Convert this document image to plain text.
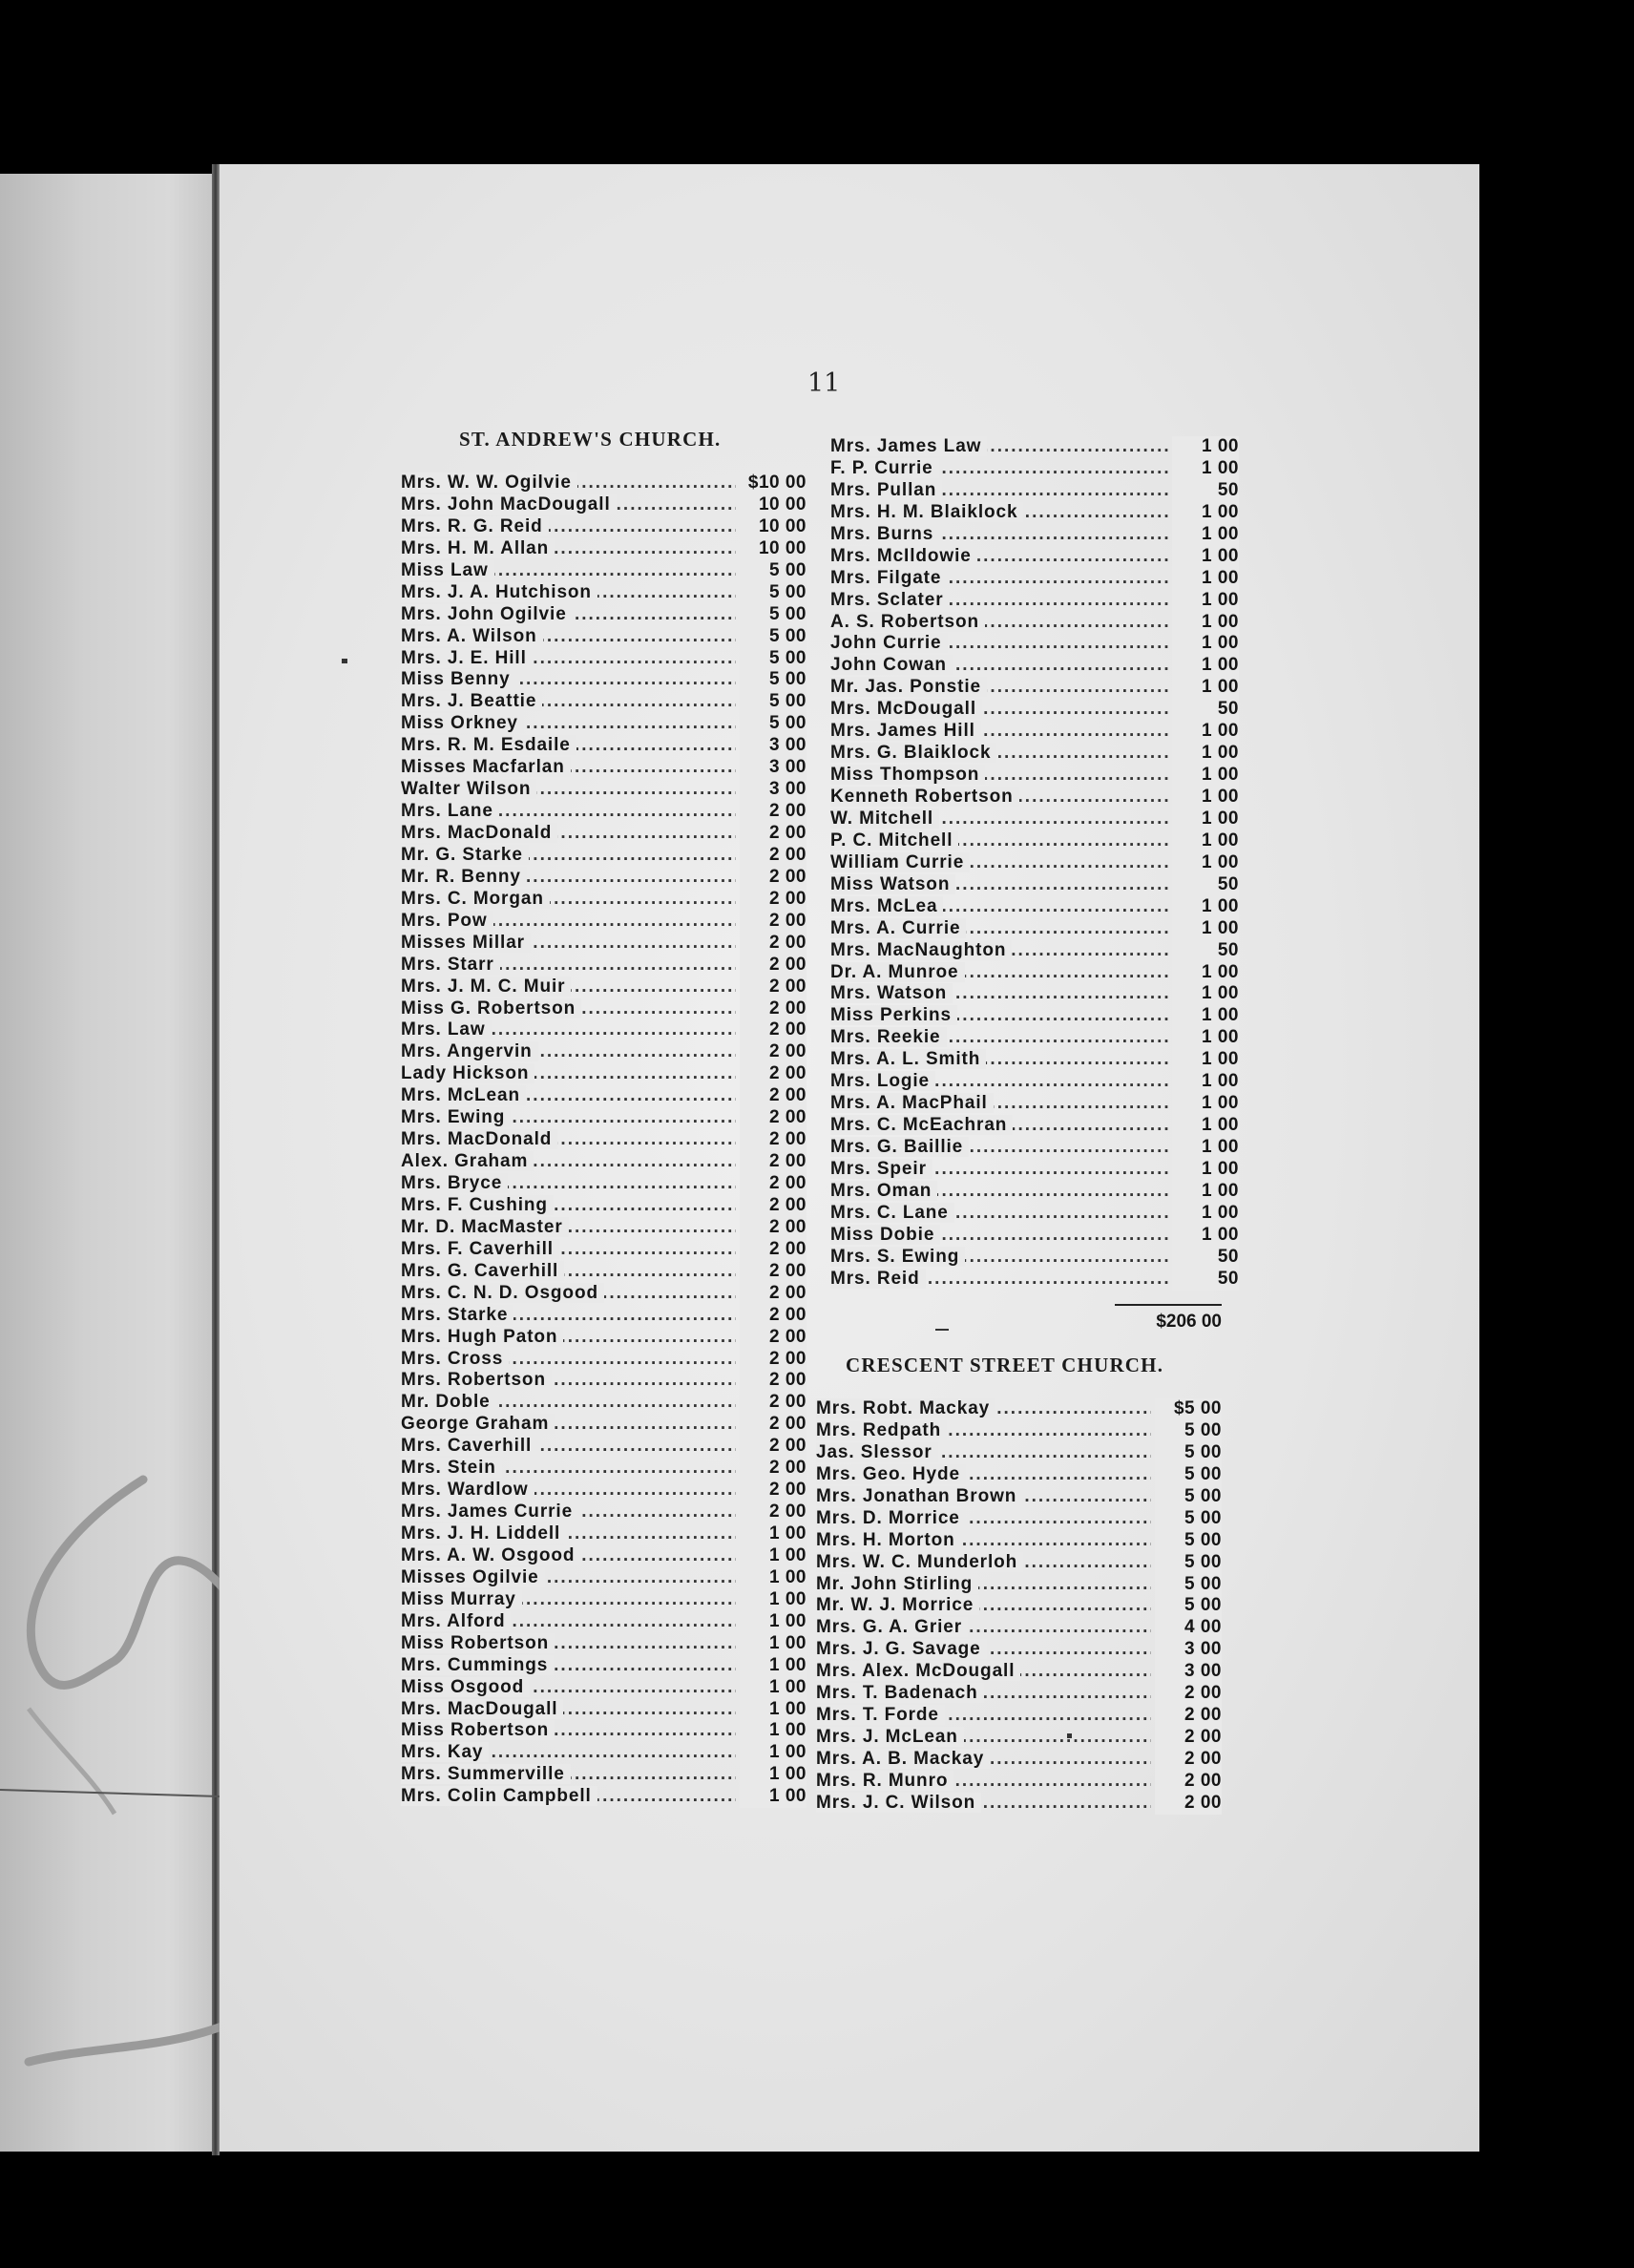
11
ST. ANDREW'S CHURCH.
.....
Mrs. W. W. Ogilvie	$10 00
.....
Mrs. John MacDougall	10 00
.....
Mrs. R. G. Reid	10 00
.....
Mrs. H. M. Allan	10 00
.....
Miss Law	5 00
.....
Mrs. J. A. Hutchison	5 00
.....
Mrs. John Ogilvie	5 00
.....
Mrs. A. Wilson	5 00
.....
Mrs. J. E. Hill	5 00
.....
Miss Benny	5 00
.....
Mrs. J. Beattie	5 00
.....
Miss Orkney	5 00
.....
Mrs. R. M. Esdaile	3 00
.....
Misses Macfarlan	3 00
.....
Walter Wilson	3 00
.....
Mrs. Lane	2 00
.....
Mrs. MacDonald	2 00
.....
Mr. G. Starke	2 00
.....
Mr. R. Benny	2 00
.....
Mrs. C. Morgan	2 00
.....
Mrs. Pow	2 00
.....
Misses Millar	2 00
.....
Mrs. Starr	2 00
.....
Mrs. J. M. C. Muir	2 00
.....
Miss G. Robertson	2 00
.....
Mrs. Law	2 00
.....
Mrs. Angervin	2 00
.....
Lady Hickson	2 00
.....
Mrs. McLean	2 00
.....
Mrs. Ewing	2 00
.....
Mrs. MacDonald	2 00
.....
Alex. Graham	2 00
.....
Mrs. Bryce	2 00
.....
Mrs. F. Cushing	2 00
.....
Mr. D. MacMaster	2 00
.....
Mrs. F. Caverhill	2 00
.....
Mrs. G. Caverhill	2 00
.....
Mrs. C. N. D. Osgood	2 00
.....
Mrs. Starke	2 00
.....
Mrs. Hugh Paton	2 00
.....
Mrs. Cross	2 00
.....
Mrs. Robertson	2 00
.....
Mr. Doble	2 00
.....
George Graham	2 00
.....
Mrs. Caverhill	2 00
.....
Mrs. Stein	2 00
.....
Mrs. Wardlow	2 00
.....
Mrs. James Currie	2 00
.....
Mrs. J. H. Liddell	1 00
.....
Mrs. A. W. Osgood	1 00
.....
Misses Ogilvie	1 00
.....
Miss Murray	1 00
.....
Mrs. Alford	1 00
.....
Miss Robertson	1 00
.....
Mrs. Cummings	1 00
.....
Miss Osgood	1 00
.....
Mrs. MacDougall	1 00
.....
Miss Robertson	1 00
.....
Mrs. Kay	1 00
.....
Mrs. Summerville	1 00
.....
Mrs. Colin Campbell	1 00
.....
Mrs. James Law	1 00
.....
F. P. Currie	1 00
.....
Mrs. Pullan	50
.....
Mrs. H. M. Blaiklock	1 00
.....
Mrs. Burns	1 00
.....
Mrs. McIldowie	1 00
.....
Mrs. Filgate	1 00
.....
Mrs. Sclater	1 00
.....
A. S. Robertson	1 00
.....
John Currie	1 00
.....
John Cowan	1 00
.....
Mr. Jas. Ponstie	1 00
.....
Mrs. McDougall	50
.....
Mrs. James Hill	1 00
.....
Mrs. G. Blaiklock	1 00
.....
Miss Thompson	1 00
.....
Kenneth Robertson	1 00
.....
W. Mitchell	1 00
.....
P. C. Mitchell	1 00
.....
William Currie	1 00
.....
Miss Watson	50
.....
Mrs. McLea	1 00
.....
Mrs. A. Currie	1 00
.....
Mrs. MacNaughton	50
.....
Dr. A. Munroe	1 00
.....
Mrs. Watson	1 00
.....
Miss Perkins	1 00
.....
Mrs. Reekie	1 00
.....
Mrs. A. L. Smith	1 00
.....
Mrs. Logie	1 00
.....
Mrs. A. MacPhail	1 00
.....
Mrs. C. McEachran	1 00
.....
Mrs. G. Baillie	1 00
.....
Mrs. Speir	1 00
.....
Mrs. Oman	1 00
.....
Mrs. C. Lane	1 00
.....
Miss Dobie	1 00
.....
Mrs. S. Ewing	50
.....
Mrs. Reid	50
$206 00
CRESCENT STREET CHURCH.
.....
Mrs. Robt. Mackay	$5 00
.....
Mrs. Redpath	5 00
.....
Jas. Slessor	5 00
.....
Mrs. Geo. Hyde	5 00
.....
Mrs. Jonathan Brown	5 00
.....
Mrs. D. Morrice	5 00
.....
Mrs. H. Morton	5 00
.....
Mrs. W. C. Munderloh	5 00
.....
Mr. John Stirling	5 00
.....
Mr. W. J. Morrice	5 00
.....
Mrs. G. A. Grier	4 00
.....
Mrs. J. G. Savage	3 00
.....
Mrs. Alex. McDougall	3 00
.....
Mrs. T. Badenach	2 00
.....
Mrs. T. Forde	2 00
.....
Mrs. J. McLean	2 00
.....
Mrs. A. B. Mackay	2 00
.....
Mrs. R. Munro	2 00
.....
Mrs. J. C. Wilson	2 00
